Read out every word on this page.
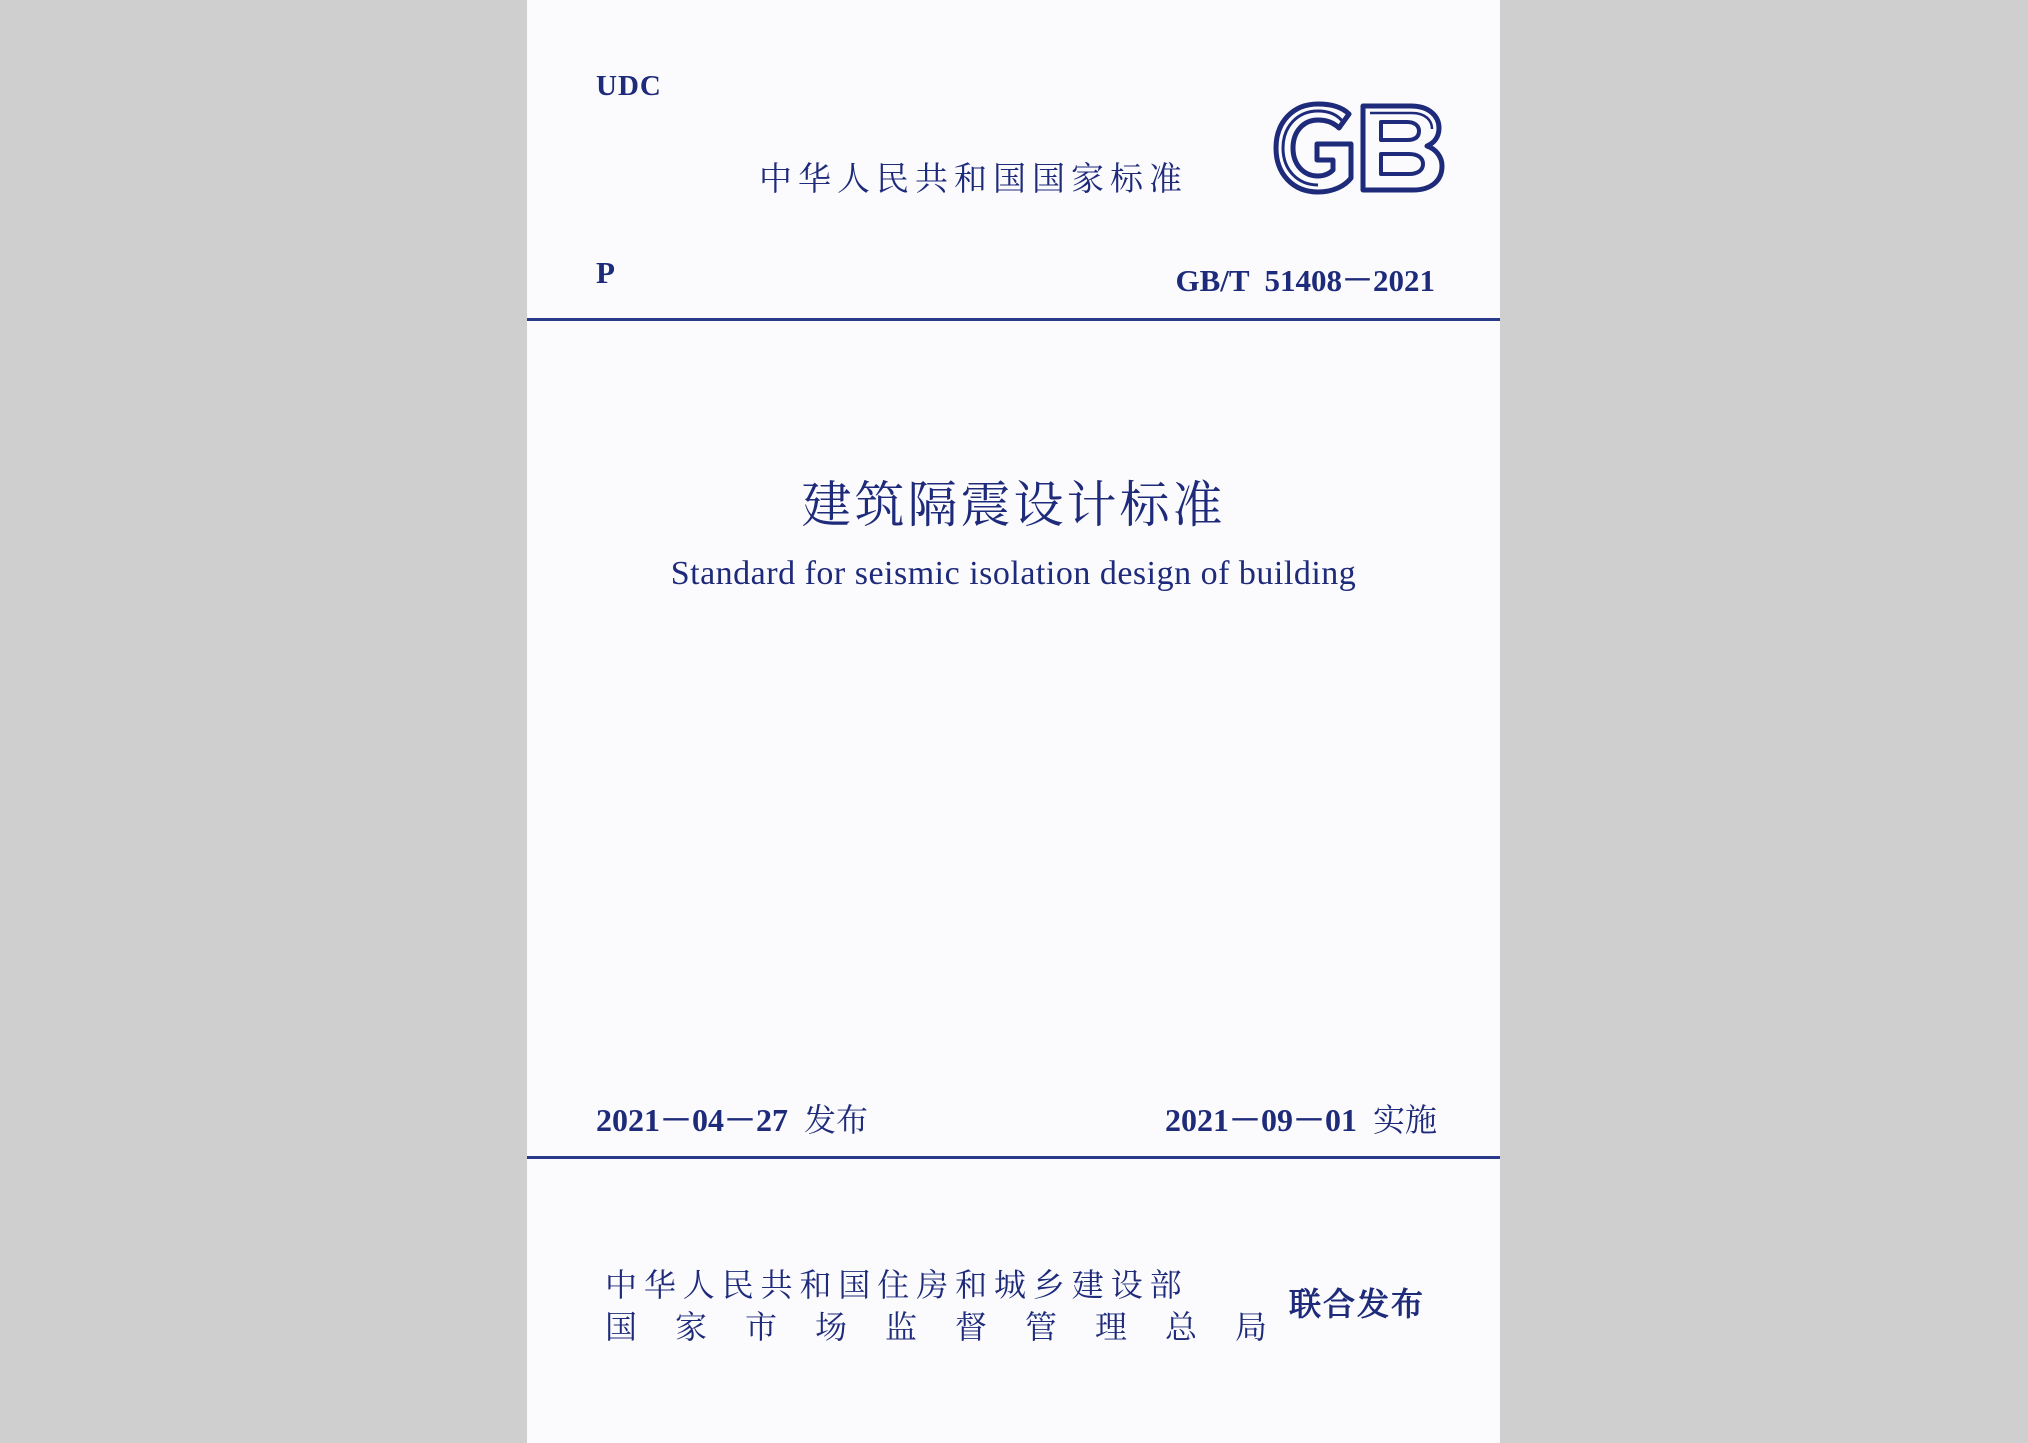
UDC
中华人民共和国国家标准
P	GB/T  51408－2021
建筑隔震设计标准
Standard for seismic isolation design of building
2021－04－27 发布	2021－09－01 实施
中华人民共和国住房和城乡建设部
国家市场监督管理总局
联合发布
